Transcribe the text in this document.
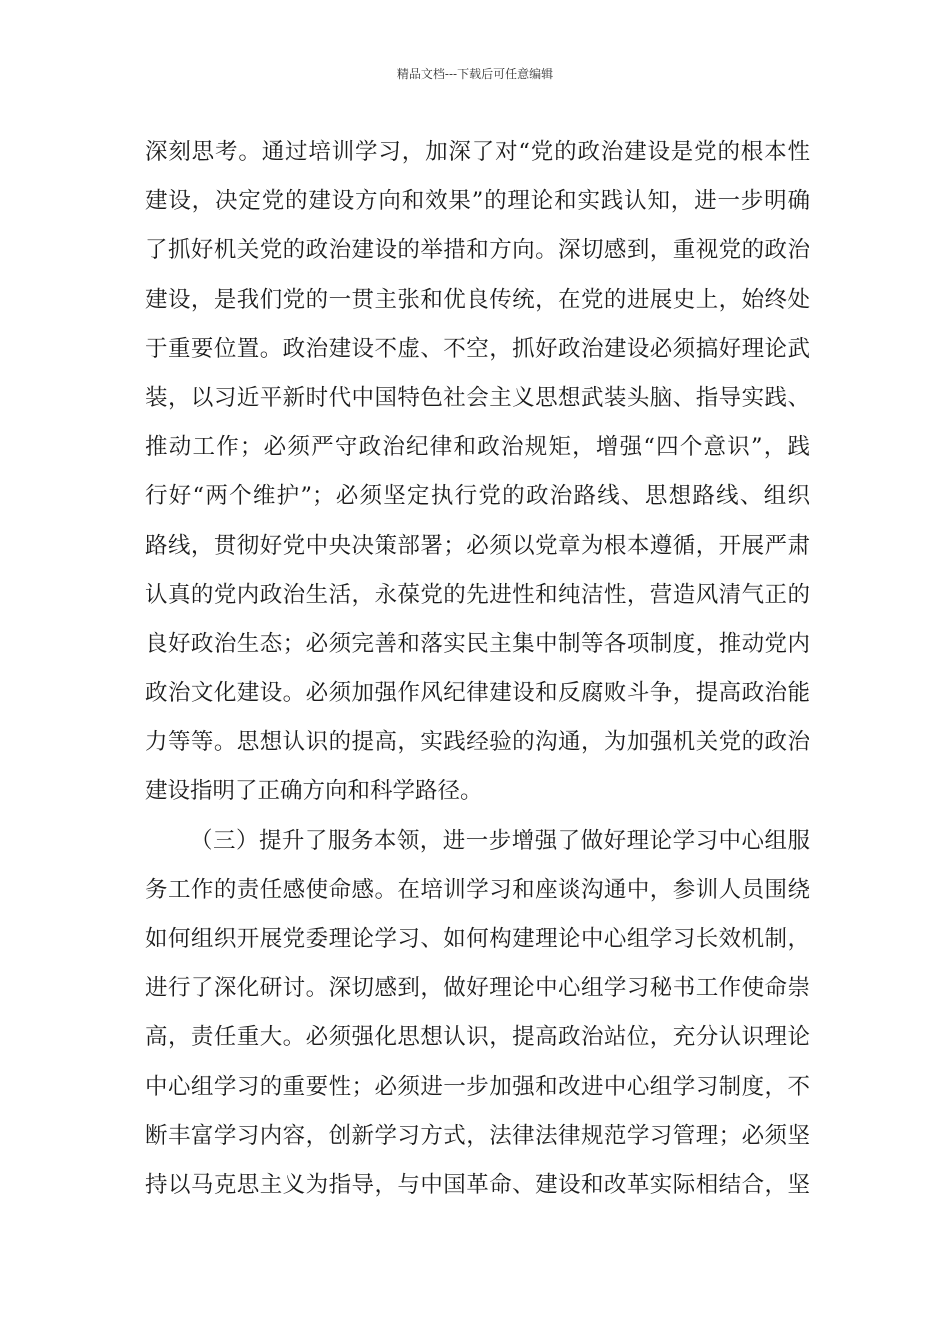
精品文档---下载后可任意编辑
深刻思考。通过培训学习，加深了对“党的政治建设是党的根本性
建设，决定党的建设方向和效果”的理论和实践认知，进一步明确
了抓好机关党的政治建设的举措和方向。深切感到，重视党的政治
建设，是我们党的一贯主张和优良传统，在党的进展史上，始终处
于重要位置。政治建设不虚、不空，抓好政治建设必须搞好理论武
装，以习近平新时代中国特色社会主义思想武装头脑、指导实践、
推动工作；必须严守政治纪律和政治规矩，增强“四个意识”，践
行好“两个维护”；必须坚定执行党的政治路线、思想路线、组织
路线，贯彻好党中央决策部署；必须以党章为根本遵循，开展严肃
认真的党内政治生活，永葆党的先进性和纯洁性，营造风清气正的
良好政治生态；必须完善和落实民主集中制等各项制度，推动党内
政治文化建设。必须加强作风纪律建设和反腐败斗争，提高政治能
力等等。思想认识的提高，实践经验的沟通，为加强机关党的政治
建设指明了正确方向和科学路径。
（三）提升了服务本领，进一步增强了做好理论学习中心组服
务工作的责任感使命感。在培训学习和座谈沟通中，参训人员围绕
如何组织开展党委理论学习、如何构建理论中心组学习长效机制，
进行了深化研讨。深切感到，做好理论中心组学习秘书工作使命崇
高，责任重大。必须强化思想认识，提高政治站位，充分认识理论
中心组学习的重要性；必须进一步加强和改进中心组学习制度，不
断丰富学习内容，创新学习方式，法律法律规范学习管理；必须坚
持以马克思主义为指导，与中国革命、建设和改革实际相结合，坚
